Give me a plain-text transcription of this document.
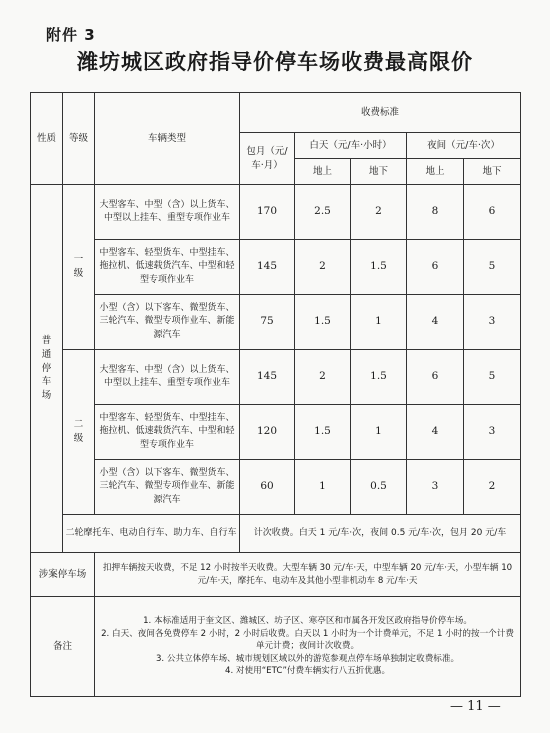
附件 3
潍坊城区政府指导价停车场收费最高限价
性质	等级	车辆类型	收费标准				
			包月（元/车·月）	白天（元/车·小时）		夜间（元/车·次）	
				地上	地下	地上	地下
普通停车场	一级	大型客车、中型（含）以上货车、中型以上挂车、重型专项作业车	170	2.5	2	8	6
		中型客车、轻型货车、中型挂车、拖拉机、低速载货汽车、中型和轻型专项作业车	145	2	1.5	6	5
		小型（含）以下客车、微型货车、三轮汽车、微型专项作业车、新能源汽车	75	1.5	1	4	3
	二级	大型客车、中型（含）以上货车、中型以上挂车、重型专项作业车	145	2	1.5	6	5
		中型客车、轻型货车、中型挂车、拖拉机、低速载货汽车、中型和轻型专项作业车	120	1.5	1	4	3
		小型（含）以下客车、微型货车、三轮汽车、微型专项作业车、新能源汽车	60	1	0.5	3	2
	二轮摩托车、电动自行车、助力车、自行车		计次收费。白天 1 元/车·次，夜间 0.5 元/车·次，包月 20 元/车				
涉案停车场		扣押车辆按天收费，不足 12 小时按半天收费。大型车辆 30 元/车·天，中型车辆 20 元/车·天，小型车辆 10 元/车·天，摩托车、电动车及其他小型非机动车 8 元/车·天					
备注		1. 本标准适用于奎文区、潍城区、坊子区、寒亭区和市属各开发区政府指导价停车场。
2. 白天、夜间各免费停车 2 小时，2 小时后收费。白天以 1 小时为一个计费单元，不足 1 小时的按一个计费单元计费；夜间计次收费。
3. 公共立体停车场、城市规划区域以外的游览参观点停车场单独制定收费标准。
4. 对使用“ETC”付费车辆实行八五折优惠。					
— 11 —
